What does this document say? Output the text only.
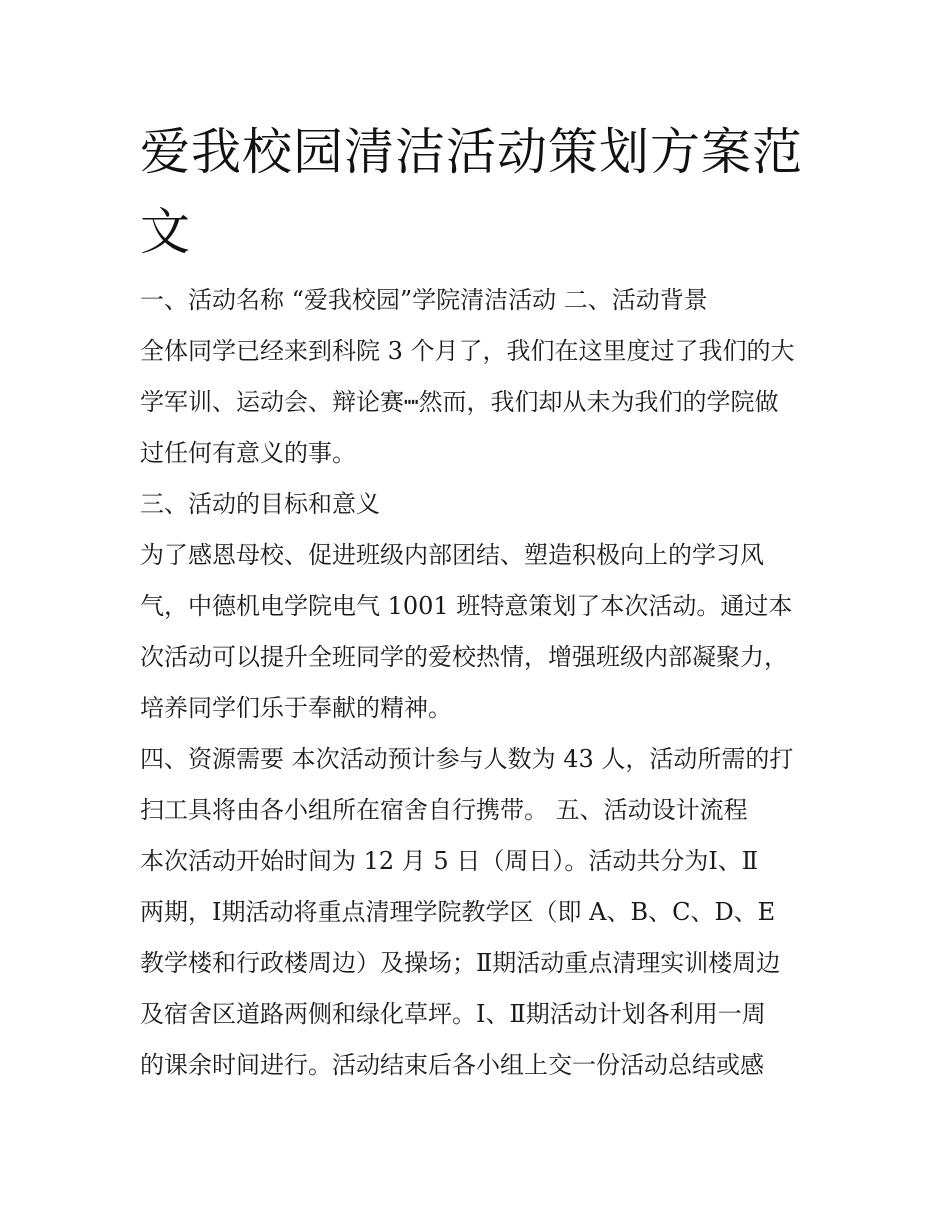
爱我校园清洁活动策划方案范文

一、活动名称 “爱我校园”学院清洁活动 二、活动背景

全体同学已经来到科院 3 个月了，我们在这里度过了我们的大

学军训、运动会、辩论赛┉然而，我们却从未为我们的学院做

过任何有意义的事。

三、活动的目标和意义

为了感恩母校、促进班级内部团结、塑造积极向上的学习风

气，中德机电学院电气 1001 班特意策划了本次活动。通过本

次活动可以提升全班同学的爱校热情，增强班级内部凝聚力，

培养同学们乐于奉献的精神。

四、资源需要 本次活动预计参与人数为 43 人，活动所需的打

扫工具将由各小组所在宿舍自行携带。 五、活动设计流程

本次活动开始时间为 12 月 5 日（周日）。活动共分为Ⅰ、Ⅱ

两期，Ⅰ期活动将重点清理学院教学区（即 A、B、C、D、E

教学楼和行政楼周边）及操场；Ⅱ期活动重点清理实训楼周边

及宿舍区道路两侧和绿化草坪。Ⅰ、Ⅱ期活动计划各利用一周

的课余时间进行。活动结束后各小组上交一份活动总结或感
